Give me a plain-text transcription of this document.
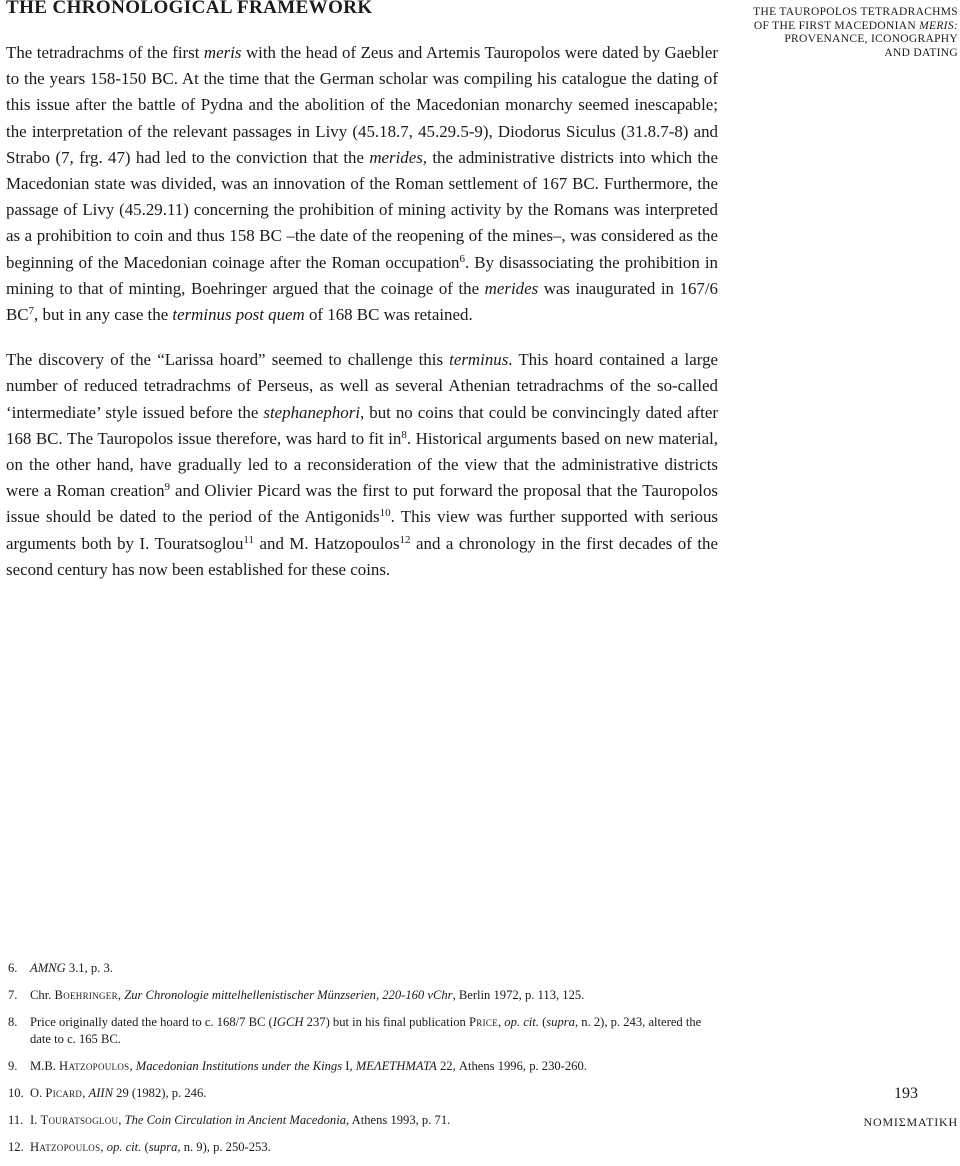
THE CHRONOLOGICAL FRAMEWORK	THE TAUROPOLOS TETRADRACHMS
OF THE FIRST MACEDONIAN MERIS:
PROVENANCE, ICONOGRAPHY
AND DATING

The tetradrachms of the first meris with the head of Zeus and Artemis Tauropolos were dated by Gaebler to the years 158-150 BC. At the time that the German scholar was compiling his catalogue the dating of this issue after the battle of Pydna and the abolition of the Macedonian monarchy seemed inescapable; the interpretation of the relevant passages in Livy (45.18.7, 45.29.5-9), Diodorus Siculus (31.8.7-8) and Strabo (7, frg. 47) had led to the conviction that the merides, the administrative districts into which the Macedonian state was divided, was an innovation of the Roman settlement of 167 BC. Furthermore, the passage of Livy (45.29.11) concerning the prohibition of mining activity by the Romans was interpreted as a prohibition to coin and thus 158 BC –the date of the reopening of the mines–, was considered as the beginning of the Macedonian coinage after the Roman occupation$^6$. By disassociating the prohibition in mining to that of minting, Boehringer argued that the coinage of the merides was inaugurated in 167/6 $BC^7$, but in any case the terminus post quem of 168 BC was retained.

The discovery of the “Larissa hoard” seemed to challenge this terminus. This hoard contained a large number of reduced tetradrachms of Perseus, as well as several Athenian tetradrachms of the so-called ‘intermediate’ style issued before the stephanephori, but no coins that could be convincingly dated after 168 BC. The Tauropolos issue therefore, was hard to fit $in^8$. Historical arguments based on new material, on the other hand, have gradually led to a reconsideration of the view that the administrative districts were a Roman creation$^9$ and Olivier Picard was the first to put forward the proposal that the Tauropolos issue should be dated to the period of the Antigonids$^{10}$. This view was further supported with serious arguments both by I. Touratsoglou$^{11}$ and M. Hatzopoulos$^{12}$ and a chronology in the first decades of the second century has now been established for these coins.

6. AMNG 3.1, p. 3.
7. Chr. Boehringer, Zur Chronologie mittelhellenistischer Münzserien, 220-160 vChr, Berlin 1972, p. 113, 125.
8. Price originally dated the hoard to c. 168/7 BC (IGCH 237) but in his final publication Price, op. cit. (supra, n. 2), p. 243, altered the date to c. 165 BC.
9. M.B. Hatzopoulos, Macedonian Institutions under the Kings I, ΜΕΛΕΤΗΜΑΤΑ 22, Athens 1996, p. 230-260.
10. O. Picard, AIIN 29 (1982), p. 246.
11. I. Touratsoglou, The Coin Circulation in Ancient Macedonia, Athens 1993, p. 71.
12. Hatzopoulos, op. cit. (supra, n. 9), p. 250-253.
193
ΝΟΜΙΣΜΑΤΙΚΗ
